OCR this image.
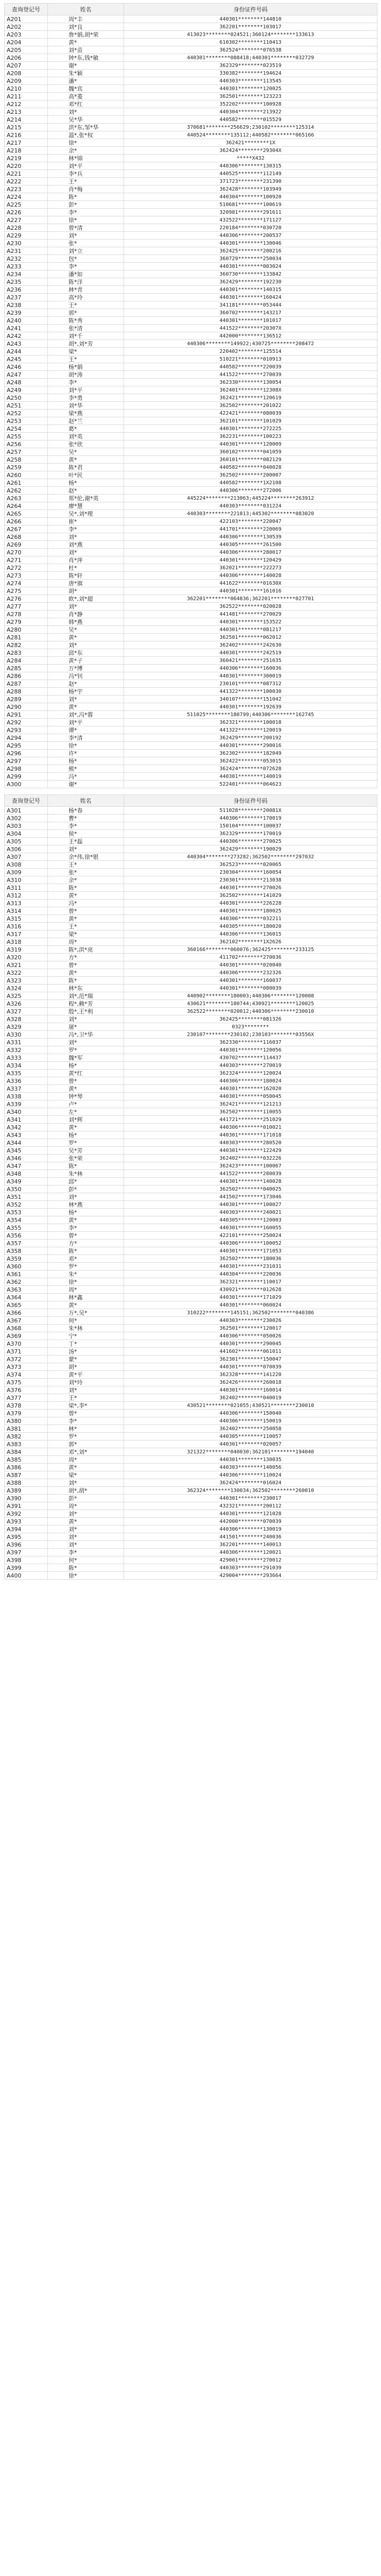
查询登记号	姓名	身份证件号码
A201	周*丰	440301********144810
A202	刘*良	362201********103017
A203	詹*娟,胡*荣	413023********024521;360124********133613
A204	黄*	610302********110413
A205	刘*苗	362524********076538
A206	钟*东,钱*敏	440301********088418;440301********032729
A207	谢*	362329********023519
A208	朱*颖	330382********194624
A209	潘*	440303********113545
A210	魏*宾	440301********120025
A211	高*菱	362501********123223
A212	邓*红	352202********100928
A213	刘*	440304********213922
A214	吴*华	440582********015529
A215	洪*东,邹*华	370681********256629;230102********125314
A216	温*,张*权	440524********135112;440582********065166
A217	徐*	362421********1X
A218	余*	362424********29304X
A219	林*锦	*****X432
A220	刘*平	440306********130315
A221	李*兵	440525********112149
A222	王*	371723********231390
A223	肖*梅	362428********103949
A224	陈*	440304********100920
A225	彭*	510681********100619
A226	李*	320981********291611
A227	徐*	432522********171127
A228	曾*清	220184********030720
A229	刘*	440306********200537
A230	张*	440301********130046
A231	刘*立	362425********200216
A232	包*	360729********250034
A233	李*	440301********003024
A234	潘*如	360730********133842
A235	陈*洋	362429********192230
A236	林*青	440301********140315
A237	高*玲	440301********160424
A238	王*	341181********053444
A239	郭*	360702********143217
A240	陈*秀	440301********101017
A241	张*清	441522********20307X
A242	刘*千	442000********136512
A243	胡*,刘*芳	440306********149922;430725********208472
A244	梁*	220402********125514
A245	王*	510221********010913
A246	杨*娟	440582********220039
A247	胡*涛	441522********270039
A248	李*	362330********130054
A249	刘*平	362401********12308X
A250	李*勇	362421********120619
A251	刘*华	362502********201022
A252	梁*燕	422421********080039
A253	赵*兰	362101********101029
A254	葛*	440301********272225
A255	刘*英	362231********100223
A256	张*欣	440301********120009
A257	吴*	360102********041059
A258	黄*	360101********082129
A259	陈*君	440582********040028
A260	叶*民	362502********200007
A261	杨*	440582********1X2108
A262	赵*	440306********272006
A263	郑*伦,谢*英	445224********213063;445224********263912
A264	廖*慧	440303********031224
A265	吴*,刘*理	440303********221813;445302********083020
A266	崔*	422103********220047
A267	李*	441701********220069
A268	刘*	440306********130539
A269	刘*燕	440305********261500
A270	刘*	440306********280017
A271	肖*萍	440301********120429
A272	杜*	362021********222273
A273	陈*轩	440306********140028
A274	唐*旗	441622********01630X
A275	胡*	440301********161016
A276	欧*,刘*超	362201********064836;362201********027701
A277	刘*	362522********020028
A278	肖*静	441481********270029
A279	韩*燕	440301********153522
A280	吴*	440301********081217
A281	黄*	362501********062012
A282	刘*	362402********242630
A283	邱*东	440301********242519
A284	黄*子	360421********251635
A285	万*博	440306********160036
A286	冯*钊	440301********300019
A287	赵*	230101********087312
A288	杨*宇	441322********100030
A289	刘*	340107********151042
A290	黄*	440301********192639
A291	刘*,冯*蓉	511025********180799;440306********162745
A292	刘*平	362321********100018
A293	谭*	441322********120019
A294	李*清	362429********200192
A295	徐*	440301********290016
A296	许*	362302********182049
A297	杨*	362422********053015
A298	熊*	362424********072628
A299	冯*	440301********140019
A300	谢*	522401********064623
查询登记号	姓名	身份证件号码
A301	杨*春	511028********20081X
A302	曹*	440306********170019
A303	李*	150104********100037
A304	侯*	362329********170019
A305	王*磊	440306********270025
A306	刘*	362429********190029
A307	余*伟,徐*银	440304********273282;362502********297032
A308	王*	362523********020065
A309	张*	230304********160054
A310	余*	230301********213038
A311	陈*	440301********270026
A312	黄*	362502********141029
A313	冯*	440301********226228
A314	曾*	440301********180025
A315	黄*	440306********032211
A316	王*	440305********180020
A317	梁*	440306********136015
A318	周*	362102********1X2626
A319	陈*,洪*亮	360166********060076;362425********233125
A320	方*	411702********270036
A321	曾*	440301********020040
A322	黄*	440306********232326
A323	陈*	440301********160037
A324	林*东	440301********080039
A325	刘*,范*瑞	440902********180003;440306********120008
A326	程*,赖*芳	430621********180744;430921********120025
A327	殷*,王*利	362522********020012;440306********230010
A328	刘*	362425********081326
A329	屠*	0323********
A330	冯*,卫*华	230107********230102;230103********03556X
A331	刘*	362330********116037
A332	罗*	440301********120056
A333	魏*军	430702********114437
A334	杨*	440303********270019
A335	黄*红	362324********120024
A336	曾*	440306********180024
A337	黄*	440301********162020
A338	钟*琴	440301********050045
A339	卢*	362421********121213
A340	左*	362502********110055
A341	刘*辉	441721********251029
A342	黄*	440306********010021
A343	杨*	440301********171018
A344	罗*	440303********280520
A345	吴*芳	440301********122429
A346	张*荣	362402********032226
A347	陈*	362423********100067
A348	朱*林	441522********280039
A349	邱*	440301********140028
A350	彭*	362502********040025
A351	刘*	441502********173046
A352	林*燕	440301********100027
A353	杨*	440303********240021
A354	黄*	440305********120003
A355	李*	440301********160055
A356	曾*	422101********250024
A357	方*	440306********100052
A358	陈*	440301********171053
A359	邓*	362502********180036
A360	罗*	440301********231031
A361	朱*	440304********220036
A362	徐*	362321********110017
A363	周*	430921********012628
A364	林*鑫	440301********171029
A365	黄*	440301********060024
A366	万*,吴*	310222********145151;362502********040386
A367	何*	440303********230026
A368	朱*林	362501********120017
A369	宁*	440306********050026
A370	丁*	440301********290045
A371	汤*	441602********061011
A372	蒙*	362301********150047
A373	胡*	440301********070039
A374	黄*平	362328********141220
A375	刘*玲	362426********260018
A376	刘*	440301********160014
A377	王*	362402********040019
A378	梁*,李*	430521********021055;430521********230010
A379	曾*	440306********150040
A380	李*	440306********150019
A381	林*	362402********250058
A382	罗*	440305********110057
A383	郭*	440301********020057
A384	邓*,刘*	321322********040030;362101********194040
A385	周*	440301********130035
A386	黄*	440303********140056
A387	梁*	440306********110024
A388	刘*	362424********016024
A389	胡*,胡*	362324********130034;362502********260010
A390	彭*	440301********230017
A391	周*	432321********200112
A392	刘*	440301********121028
A393	黄*	442000********070039
A394	刘*	440306********130019
A395	刘*	441501********240036
A396	刘*	362201********140013
A397	李*	440306********120021
A398	何*	429001********270012
A399	陈*	440303********291039
A400	徐*	429004********293664
